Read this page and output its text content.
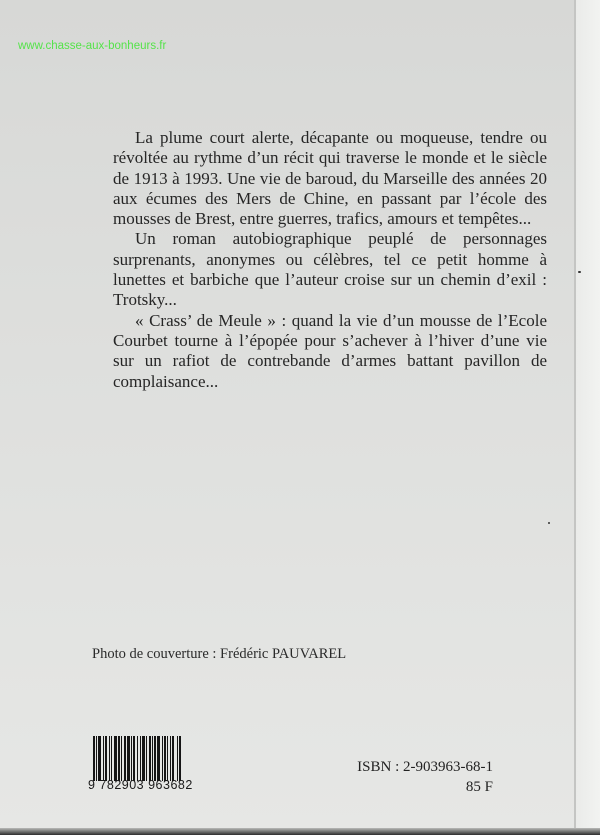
www.chasse-aux-bonheurs.fr

La plume court alerte, décapante ou moqueuse, tendre ou révoltée au rythme d’un récit qui traverse le monde et le siècle de 1913 à 1993. Une vie de baroud, du Marseille des années 20 aux écumes des Mers de Chine, en passant par l’école des mousses de Brest, entre guerres, trafics, amours et tempêtes...

Un roman autobiographique peuplé de personnages surprenants, anonymes ou célèbres, tel ce petit homme à lunettes et barbiche que l’auteur croise sur un chemin d’exil : Trotsky...

« Crass’ de Meule » : quand la vie d’un mousse de l’Ecole Courbet tourne à l’épopée pour s’achever à l’hiver d’une vie sur un rafiot de contrebande d’armes battant pavillon de complaisance...

Photo de couverture : Frédéric PAUVAREL
9 782903 963682
ISBN : 2-903963-68-1
85 F
